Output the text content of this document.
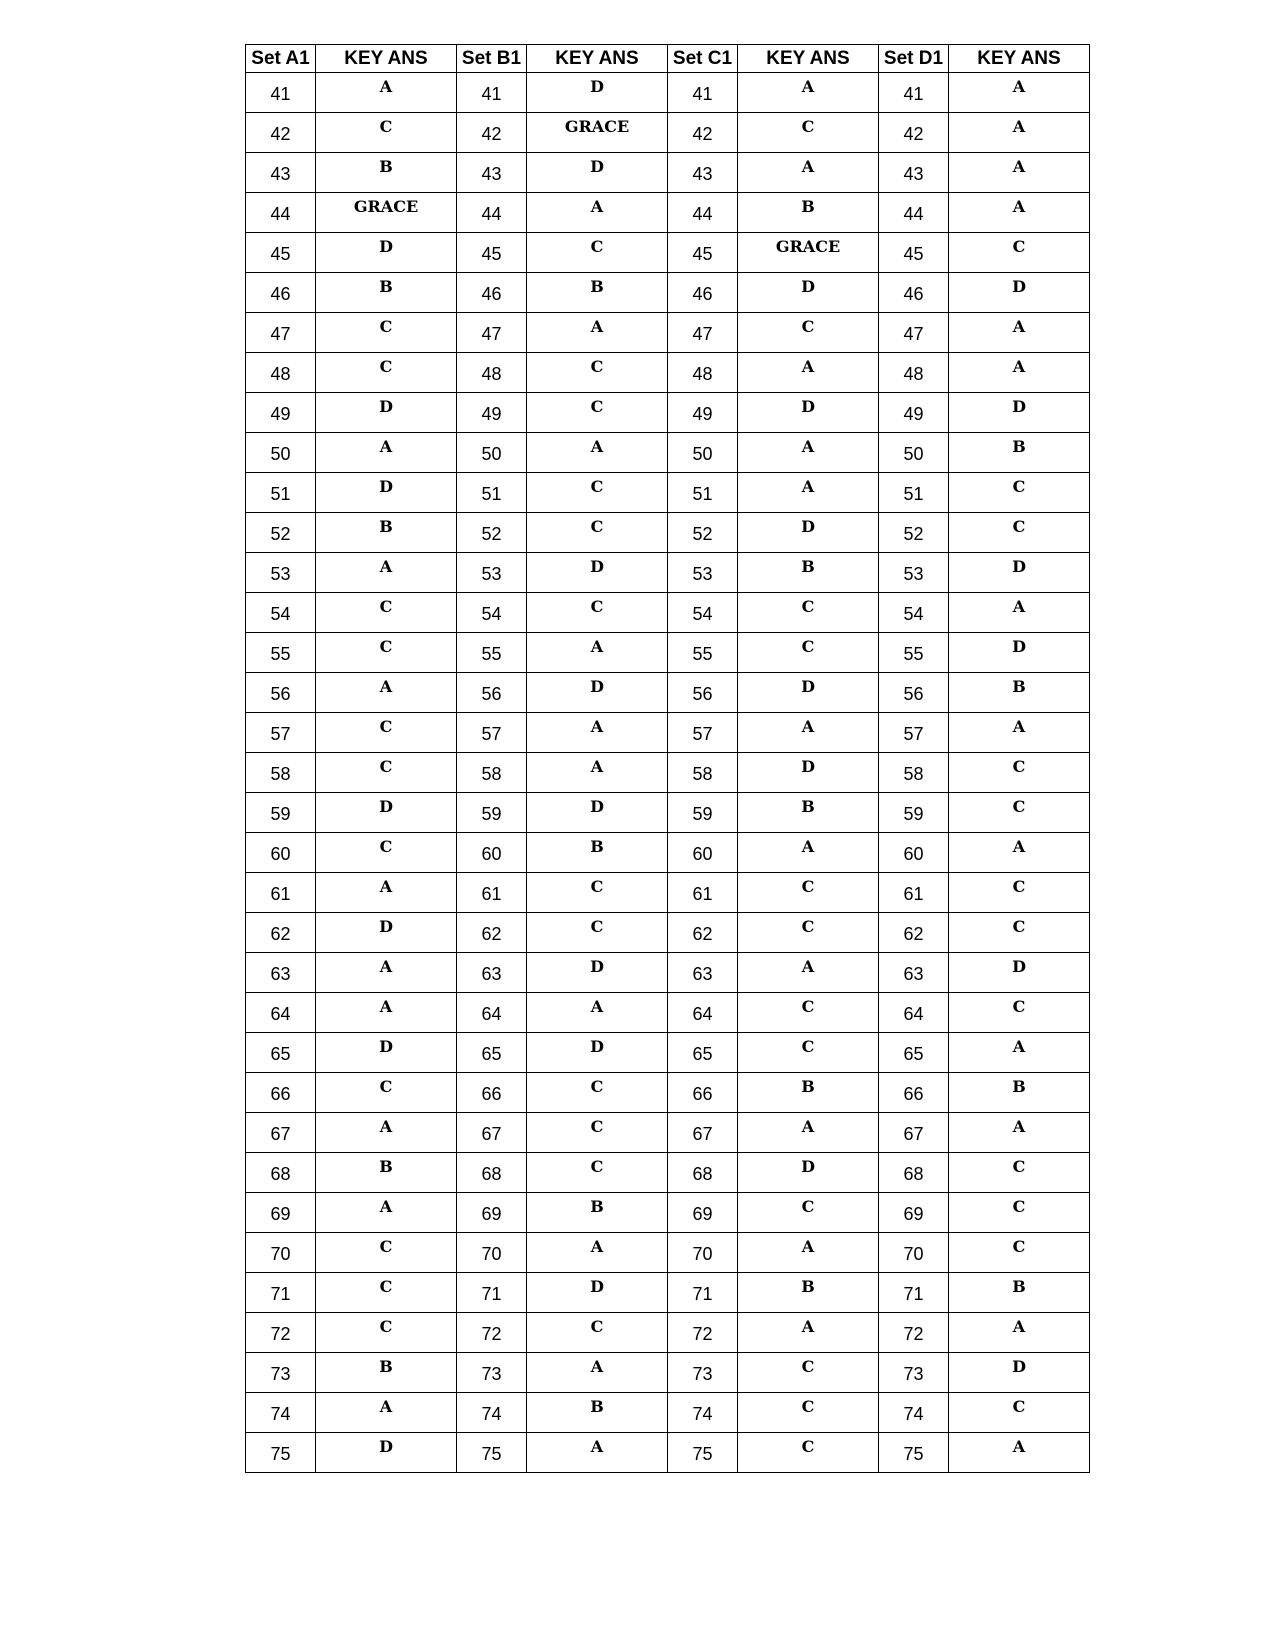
Set A1	KEY ANS	Set B1	KEY ANS	Set C1	KEY ANS	Set D1	KEY ANS
41	A	41	D	41	A	41	A
42	C	42	GRACE	42	C	42	A
43	B	43	D	43	A	43	A
44	GRACE	44	A	44	B	44	A
45	D	45	C	45	GRACE	45	C
46	B	46	B	46	D	46	D
47	C	47	A	47	C	47	A
48	C	48	C	48	A	48	A
49	D	49	C	49	D	49	D
50	A	50	A	50	A	50	B
51	D	51	C	51	A	51	C
52	B	52	C	52	D	52	C
53	A	53	D	53	B	53	D
54	C	54	C	54	C	54	A
55	C	55	A	55	C	55	D
56	A	56	D	56	D	56	B
57	C	57	A	57	A	57	A
58	C	58	A	58	D	58	C
59	D	59	D	59	B	59	C
60	C	60	B	60	A	60	A
61	A	61	C	61	C	61	C
62	D	62	C	62	C	62	C
63	A	63	D	63	A	63	D
64	A	64	A	64	C	64	C
65	D	65	D	65	C	65	A
66	C	66	C	66	B	66	B
67	A	67	C	67	A	67	A
68	B	68	C	68	D	68	C
69	A	69	B	69	C	69	C
70	C	70	A	70	A	70	C
71	C	71	D	71	B	71	B
72	C	72	C	72	A	72	A
73	B	73	A	73	C	73	D
74	A	74	B	74	C	74	C
75	D	75	A	75	C	75	A
